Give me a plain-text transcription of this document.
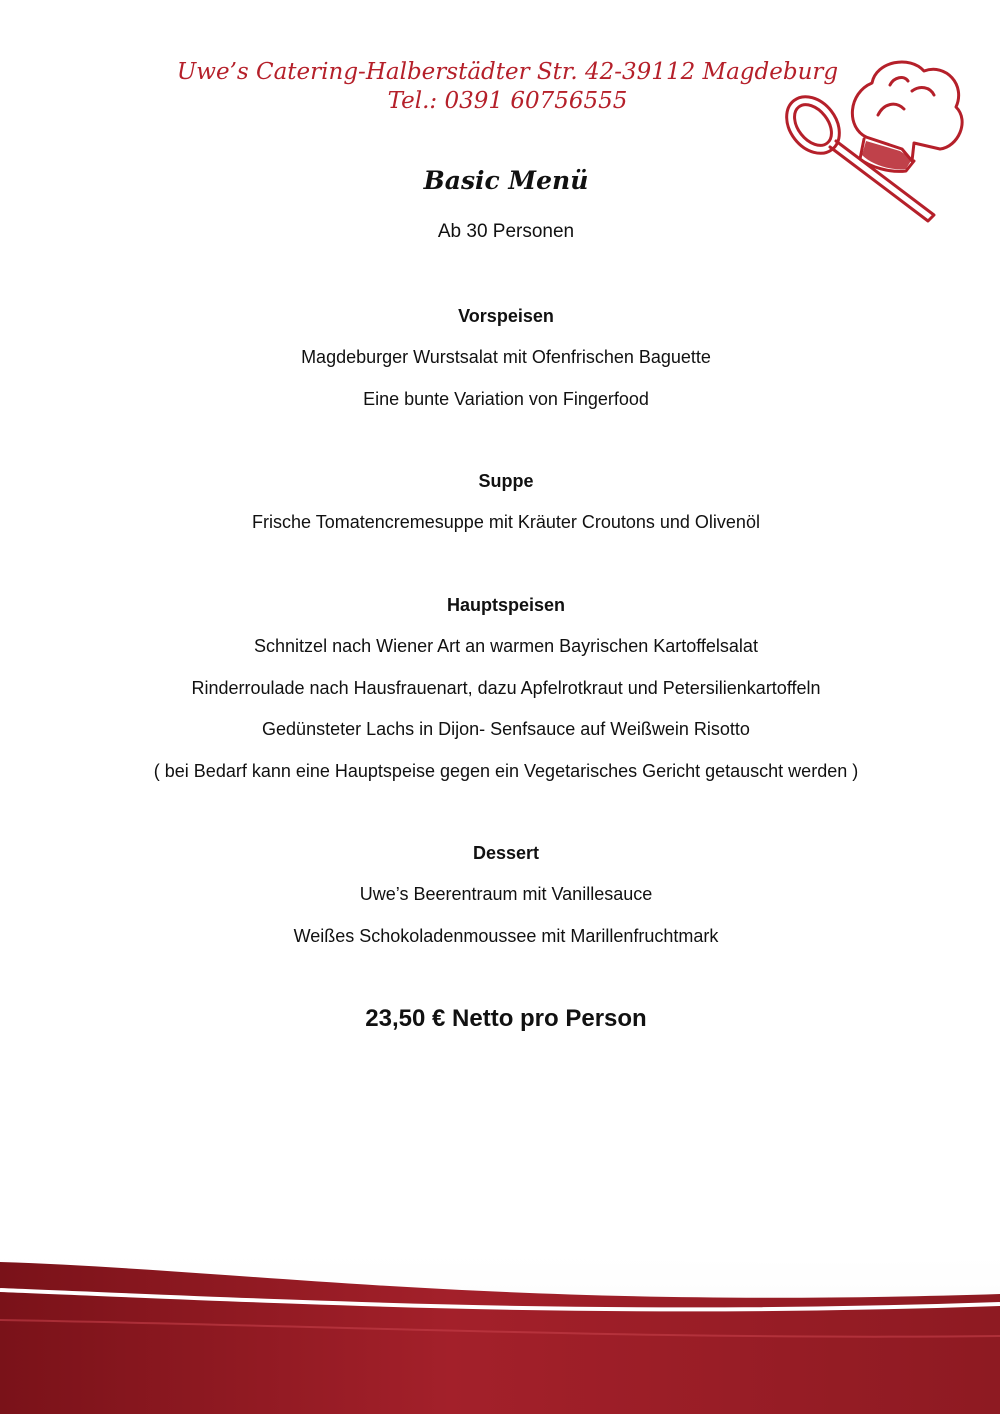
Uwe’s Catering-Halberstädter Str. 42-39112 Magdeburg
Tel.: 0391 60756555
Basic Menü
Ab 30 Personen
Vorspeisen
Magdeburger Wurstsalat mit Ofenfrischen Baguette
Eine bunte Variation von Fingerfood
Suppe
Frische Tomatencremesuppe mit Kräuter Croutons und Olivenöl
Hauptspeisen
Schnitzel nach Wiener Art an warmen Bayrischen Kartoffelsalat
Rinderroulade nach Hausfrauenart, dazu Apfelrotkraut und Petersilienkartoffeln
Gedünsteter Lachs in Dijon- Senfsauce auf Weißwein Risotto
( bei Bedarf kann eine Hauptspeise gegen ein Vegetarisches Gericht getauscht werden )
Dessert
Uwe’s Beerentraum mit Vanillesauce
Weißes Schokoladenmoussee mit Marillenfruchtmark
23,50 € Netto pro Person
